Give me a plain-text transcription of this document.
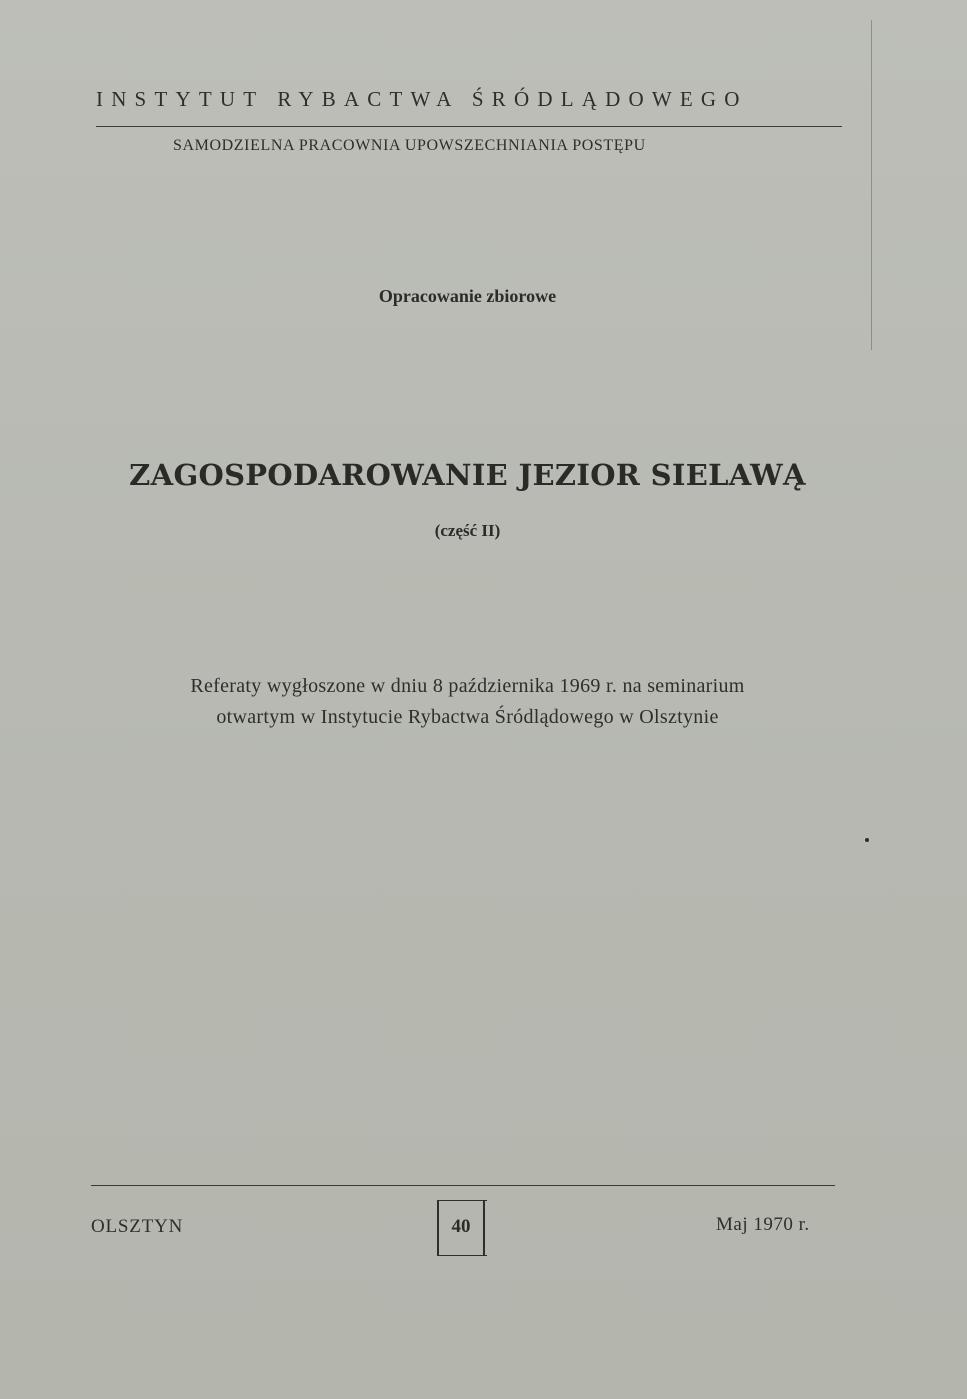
INSTYTUT RYBACTWA ŚRÓDLĄDOWEGO
SAMODZIELNA PRACOWNIA UPOWSZECHNIANIA POSTĘPU
Opracowanie zbiorowe
ZAGOSPODAROWANIE JEZIOR SIELAWĄ
(część II)
Referaty wygłoszone w dniu 8 października 1969 r. na seminarium
otwartym w Instytucie Rybactwa Śródlądowego w Olsztynie
OLSZTYN	40	Maj 1970 r.
